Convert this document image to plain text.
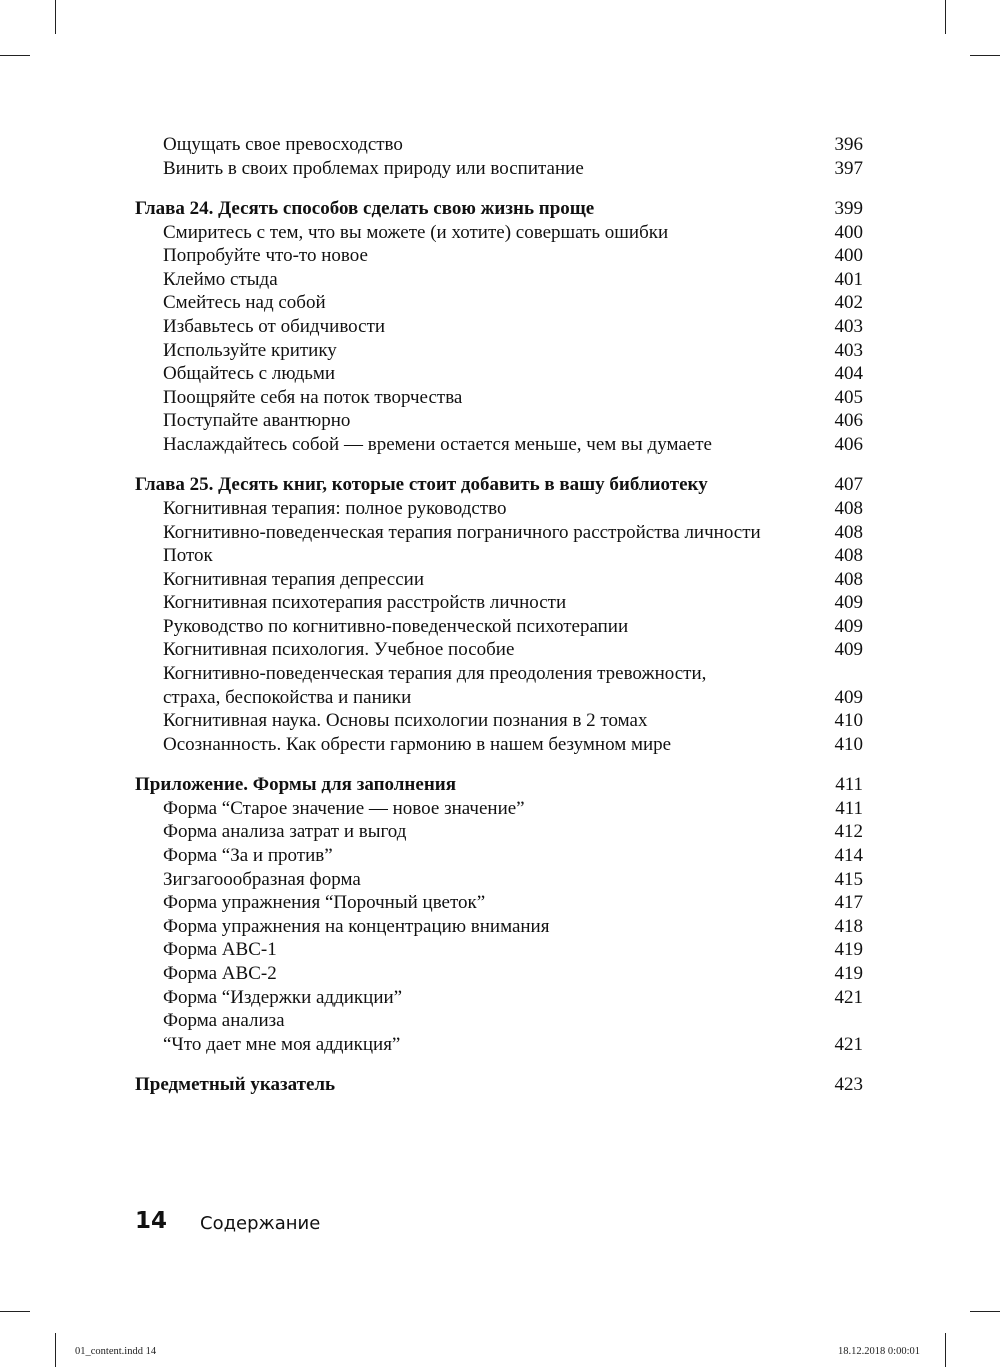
Ощущать свое превосходство	396
Винить в своих проблемах природу или воспитание	397
Глава 24. Десять способов сделать свою жизнь проще	399
Смиритесь с тем, что вы можете (и хотите) совершать ошибки	400
Попробуйте что-то новое	400
Клеймо стыда	401
Смейтесь над собой	402
Избавьтесь от обидчивости	403
Используйте критику	403
Общайтесь с людьми	404
Поощряйте себя на поток творчества	405
Поступайте авантюрно	406
Наслаждайтесь собой — времени остается меньше, чем вы думаете	406
Глава 25. Десять книг, которые стоит добавить в вашу библиотеку	407
Когнитивная терапия: полное руководство	408
Когнитивно-поведенческая терапия пограничного расстройства личности	408
Поток	408
Когнитивная терапия депрессии	408
Когнитивная психотерапия расстройств личности	409
Руководство по когнитивно-поведенческой психотерапии	409
Когнитивная психология. Учебное пособие	409
Когнитивно-поведенческая терапия для преодоления тревожности,
страха, беспокойства и паники	409
Когнитивная наука. Основы психологии познания в 2 томах	410
Осознанность. Как обрести гармонию в нашем безумном мире	410
Приложение. Формы для заполнения	411
Форма “Старое значение — новое значение”	411
Форма анализа затрат и выгод	412
Форма “За и против”	414
Зигзагоообразная форма	415
Форма упражнения “Порочный цветок”	417
Форма упражнения на концентрацию внимания	418
Форма АВС-1	419
Форма АВС-2	419
Форма “Издержки аддикции”	421
Форма анализа
“Что дает мне моя аддикция”	421
Предметный указатель	423
14 Содержание
01_content.indd 14	18.12.2018 0:00:01
